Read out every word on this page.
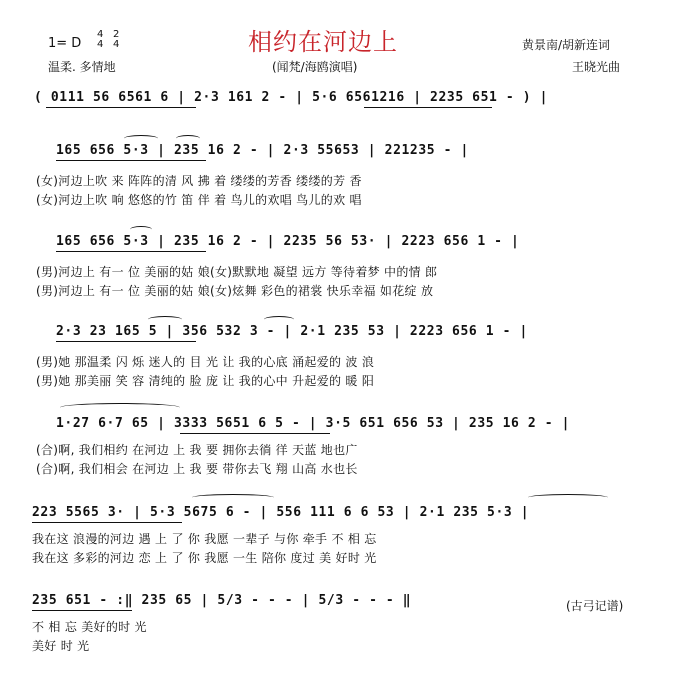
1= D
4
4
2
4
温柔. 多情地
相约在河边上
(闻梵/海鸥演唱)
黄景南/胡新连词
王晓光曲
( 0111 56 6561 6 | 2·3 161 2 - | 5·6 6561216 | 2235 651 - ) |
165 656 5·3 | 235 16 2 - | 2·3 55653 | 221235 - |
(女)河边上吹 来 阵阵的清 风 拂 着 缕缕的芳香 缕缕的芳 香
(女)河边上吹 响 悠悠的竹 笛 伴 着 鸟儿的欢唱 鸟儿的欢 唱
165 656 5·3 | 235 16 2 - | 2235 56 53· | 2223 656 1 - |
(男)河边上 有一 位 美丽的姑 娘(女)默默地 凝望 远方 等待着梦 中的情 郎
(男)河边上 有一 位 美丽的姑 娘(女)炫舞 彩色的裙裳 快乐幸福 如花绽 放
2·3 23 165 5 | 356 532 3 - | 2·1 235 53 | 2223 656 1 - |
(男)她 那温柔 闪 烁 迷人的 目 光 让 我的心底 涌起爱的 波 浪
(男)她 那美丽 笑 容 清纯的 脸 庞 让 我的心中 升起爱的 暖 阳
1·27 6·7 65 | 3333 5651 6 5 - | 3·5 651 656 53 | 235 16 2 - |
(合)啊, 我们相约 在河边 上 我 要 拥你去徜 徉 天蓝 地也广
(合)啊, 我们相会 在河边 上 我 要 带你去飞 翔 山高 水也长
223 5565 3· | 5·3 5675 6 - | 556 111 6 6 53 | 2·1 235 5·3 |
我在这 浪漫的河边 遇 上 了 你 我愿 一辈子 与你 牵手 不 相 忘
我在这 多彩的河边 恋 上 了 你 我愿 一生 陪你 度过 美 好时 光
235 651 - :‖ 235 65 | 5/3 - - - | 5/3 - - - ‖
不 相 忘 美好的时 光
美好 时 光
(古弓记谱)
